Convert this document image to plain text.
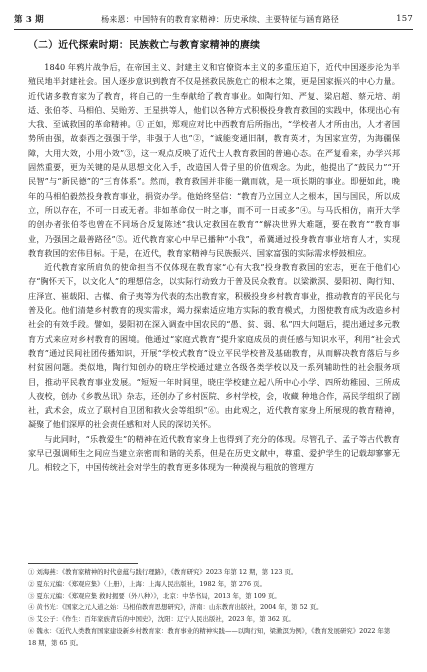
第 3 期	杨来恩：中国特有的教育家精神：历史承续、主要特征与涵育路径	157
（二）近代探索时期：民族救亡与教育家精神的赓续

1840 年鸦片战争后，在帝国主义、封建主义和官僚资本主义的多重压迫下，近代中国逐步沦为半殖民地半封建社会。国人逐步意识到教育不仅是拯救民族危亡的根本之策，更是国家振兴的中心力量。近代诸多教育家为了教育，将自己的一生奉献给了教育事业。如陶行知、严复、梁启超、蔡元培、胡适、张伯苓、马相伯、吴贻芳、王星拱等人，他们以各种方式积极投身教育救国的实践中，体现出心有大我、至诚救国的革命精神。① 正如，郑观应对比中西教育后所指出，“学校者人才所由出，人才者国势所由强，故泰西之强强于学，非强于人也”②，“诚能变通旧制，教育英才，为国家宣劳，为海疆保障，大用大效，小用小效”③，这一观点反映了近代士人教育救国的普遍心态。在严复看来，办学兴邦固然重要，更为关键的是从思想文化入手，改造国人骨子里的价值观念。为此，他提出了“鼓民力”“开民智”与“新民德”的“三育体系”。然而，教育救国并非能一蹴而就，是一项长期的事业。即便如此，晚年的马相伯毅然投身教育事业，捐资办学。他始终坚信：“教育乃立国立人之根本，国与国民，所以成立，所以存在，不可一日或无者。非如革命仅一时之事，而不可一日或多”④。与马氏相仿，南开大学的创办者张伯苓也曾在不同场合反复陈述“我认定救国在教育”“解决世界大难题，要在教育”“教育事业，乃强国之最善路径”⑤。近代教育家心中早已播种“小我”，希冀通过投身教育事业培育人才，实现教育救国的宏伟目标。于是，在近代，教育家精神与民族振兴、国家富强的实际需求桴鼓相应。

近代教育家所肩负的使命担当不仅体现在教育家“心有大我”投身教育救国的宏志，更在于他们心存“胸怀天下，以文化人”的理想信念，以实际行动致力于普及民众教育。以梁漱溟、晏阳初、陶行知、庄泽宣、崔载阳、古楳、俞子夷等为代表的杰出教育家，积极投身乡村教育事业，推动教育的平民化与普及化。他们清楚乡村教育的现实需求，竭力探索适应地方实际的教育模式，力图使教育成为改造乡村社会的有效手段。譬如，晏阳初在深入调查中国农民的“愚、贫、弱、私”四大问题后，提出通过多元教育方式来应对乡村教育的困境。他通过“家庭式教育”提升家庭成员的责任感与知识水平，利用“社会式教育”通过民间社团传播知识，开展“学校式教育”设立平民学校普及基础教育，从而解决教育落后与乡村贫困问题。类似地，陶行知创办的晓庄学校通过建立各级各类学校以及一系列辅助性的社会服务项目，推动平民教育事业发展。“短短一年时间里，晓庄学校建立起八所中心小学、四所幼稚园、三所成人夜校，创办《乡教丛讯》杂志，还创办了乡村医院、乡村学校，会，收藏 种地合作，鬲民学组织了剧社，武术会，成立了联村自卫团和救火会等组织”⑥。由此观之，近代教育家身上所展现的教育精神，凝聚了他们深厚的社会责任感和对人民的深切关怀。

与此同时，“乐教爱生”的精神在近代教育家身上也得到了充分的体现。尽管孔子、孟子等古代教育家早已强调师生之间应当建立亲密而和谐的关系，但是在历史文献中，尊重、爱护学生的记载却寥寥无几。相较之下，中国传统社会对学生的教育更多体现为一种漠视与粗放的管理方

① 刘海燕：《教育家精神的时代意蕴与践行理路》，《教育研究》2023 年第 12 期，第 123 页。

② 夏东元编：《郑观应集》（上册），上海：上海人民出版社，1982 年，第 276 页。

③ 夏东元编：《郑观应集 救时揭要（外八种）》，北京：中华书局，2013 年，第 109 页。

④ 黄书光：《国家之元人道之始：马相伯教育思想研究》，济南：山东教育出版社，2004 年，第 52 页。

⑤ 艾公子：《作生：百年家族背后的中国史》，沈阳：辽宁人民出版社，2023 年，第 362 页。

⑥ 魏永：《近代人类教育国家建设新乡村教育家：教育事业的精神实践——以陶行知，梁漱溟为例》，《教育发展研究》2022 年第 18 期，第 65 页。
